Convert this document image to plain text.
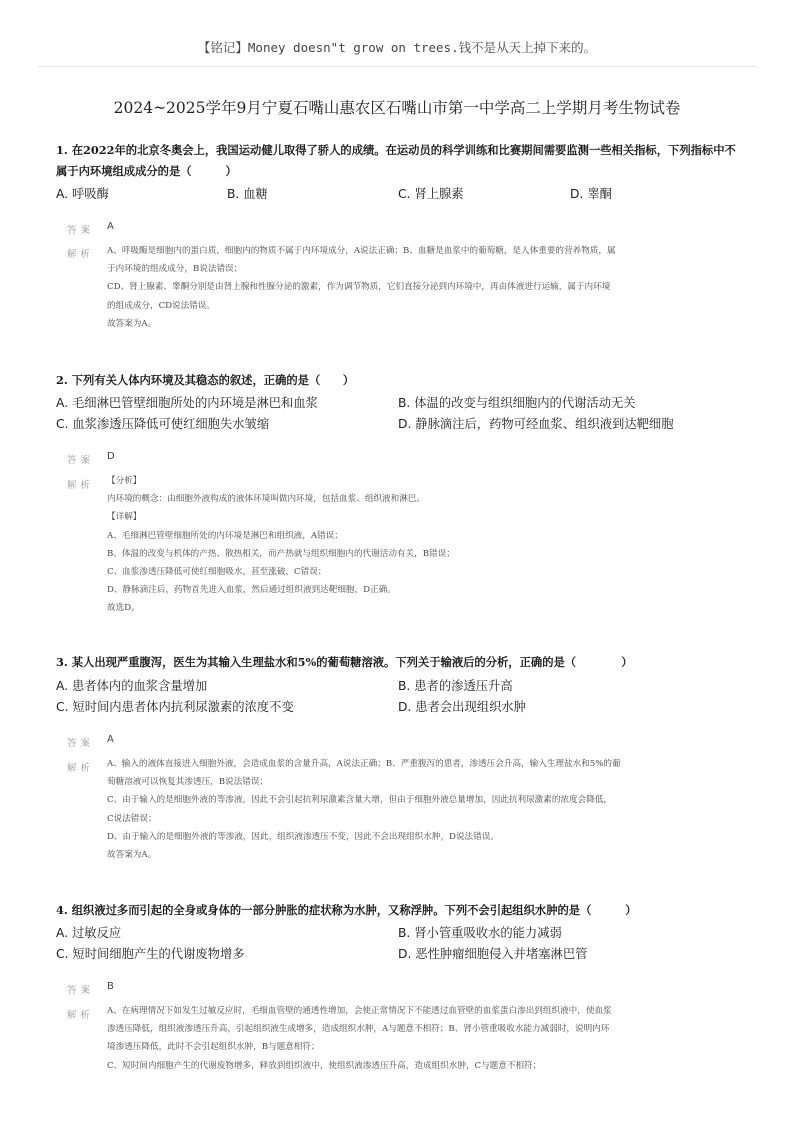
【铭记】Money doesn"t grow on trees.钱不是从天上掉下来的。
2024~2025学年9月宁夏石嘴山惠农区石嘴山市第一中学高二上学期月考生物试卷
1. 在2022年的北京冬奥会上，我国运动健儿取得了骄人的成绩。在运动员的科学训练和比赛期间需要监测一些相关指标，下列指标中不属于内环境组成成分的是（　　　）
A. 呼吸酶	B. 血糖	C. 肾上腺素	D. 睾酮
答案 A
解析 A、呼吸酶是细胞内的蛋白质，细胞内的物质不属于内环境成分，A说法正确；B、血糖是血浆中的葡萄糖，是人体重要的营养物质，属

于内环境的组成成分，B说法错误；

CD、肾上腺素、睾酮分别是由肾上腺和性腺分泌的激素，作为调节物质，它们直接分泌到内环境中，再由体液进行运输，属于内环境

的组成成分，CD说法错误。

故答案为A。

2. 下列有关人体内环境及其稳态的叙述，正确的是（　　）
A. 毛细淋巴管壁细胞所处的内环境是淋巴和血浆	B. 体温的改变与组织细胞内的代谢活动无关
C. 血浆渗透压降低可使红细胞失水皱缩	D. 静脉滴注后，药物可经血浆、组织液到达靶细胞
答案 D
解析 【分析】

内环境的概念：由细胞外液构成的液体环境叫做内环境，包括血浆、组织液和淋巴。

【详解】

A、毛细淋巴管壁细胞所处的内环境是淋巴和组织液，A错误；

B、体温的改变与机体的产热、散热相关，而产热就与组织细胞内的代谢活动有关，B错误；

C、血浆渗透压降低可使红细胞吸水，甚至涨破，C错误；

D、静脉滴注后，药物首先进入血浆，然后通过组织液到达靶细胞，D正确。

故选D。

3. 某人出现严重腹泻，医生为其输入生理盐水和5%的葡萄糖溶液。下列关于输液后的分析，正确的是（　　　　）
A. 患者体内的血浆含量增加	B. 患者的渗透压升高
C. 短时间内患者体内抗利尿激素的浓度不变	D. 患者会出现组织水肿
答案 A
解析 A、输入的液体直接进入细胞外液，会造成血浆的含量升高，A说法正确；B、严重腹泻的患者，渗透压会升高，输入生理盐水和5%的葡

萄糖溶液可以恢复其渗透压，B说法错误；

C、由于输入的是细胞外液的等渗液，因此不会引起抗利尿激素含量大增，但由于细胞外液总量增加，因此抗利尿激素的浓度会降低，

C说法错误；

D、由于输入的是细胞外液的等渗液，因此，组织液渗透压不变，因此不会出现组织水肿，D说法错误。

故答案为A。

4. 组织液过多而引起的全身或身体的一部分肿胀的症状称为水肿，又称浮肿。下列不会引起组织水肿的是（　　　）
A. 过敏反应	B. 肾小管重吸收水的能力减弱
C. 短时间细胞产生的代谢废物增多	D. 恶性肿瘤细胞侵入并堵塞淋巴管
答案 B
解析 A、在病理情况下如发生过敏反应时，毛细血管壁的通透性增加，会使正常情况下不能透过血管壁的血浆蛋白渗出到组织液中，使血浆

渗透压降低，组织液渗透压升高，引起组织液生成增多，造成组织水肿，A与题意不相符；B、肾小管重吸收水能力减弱时，说明内环

境渗透压降低，此时不会引起组织水肿，B与题意相符；

C、短时间内细胞产生的代谢废物增多，释放到组织液中，使组织液渗透压升高，造成组织水肿，C与题意不相符；
